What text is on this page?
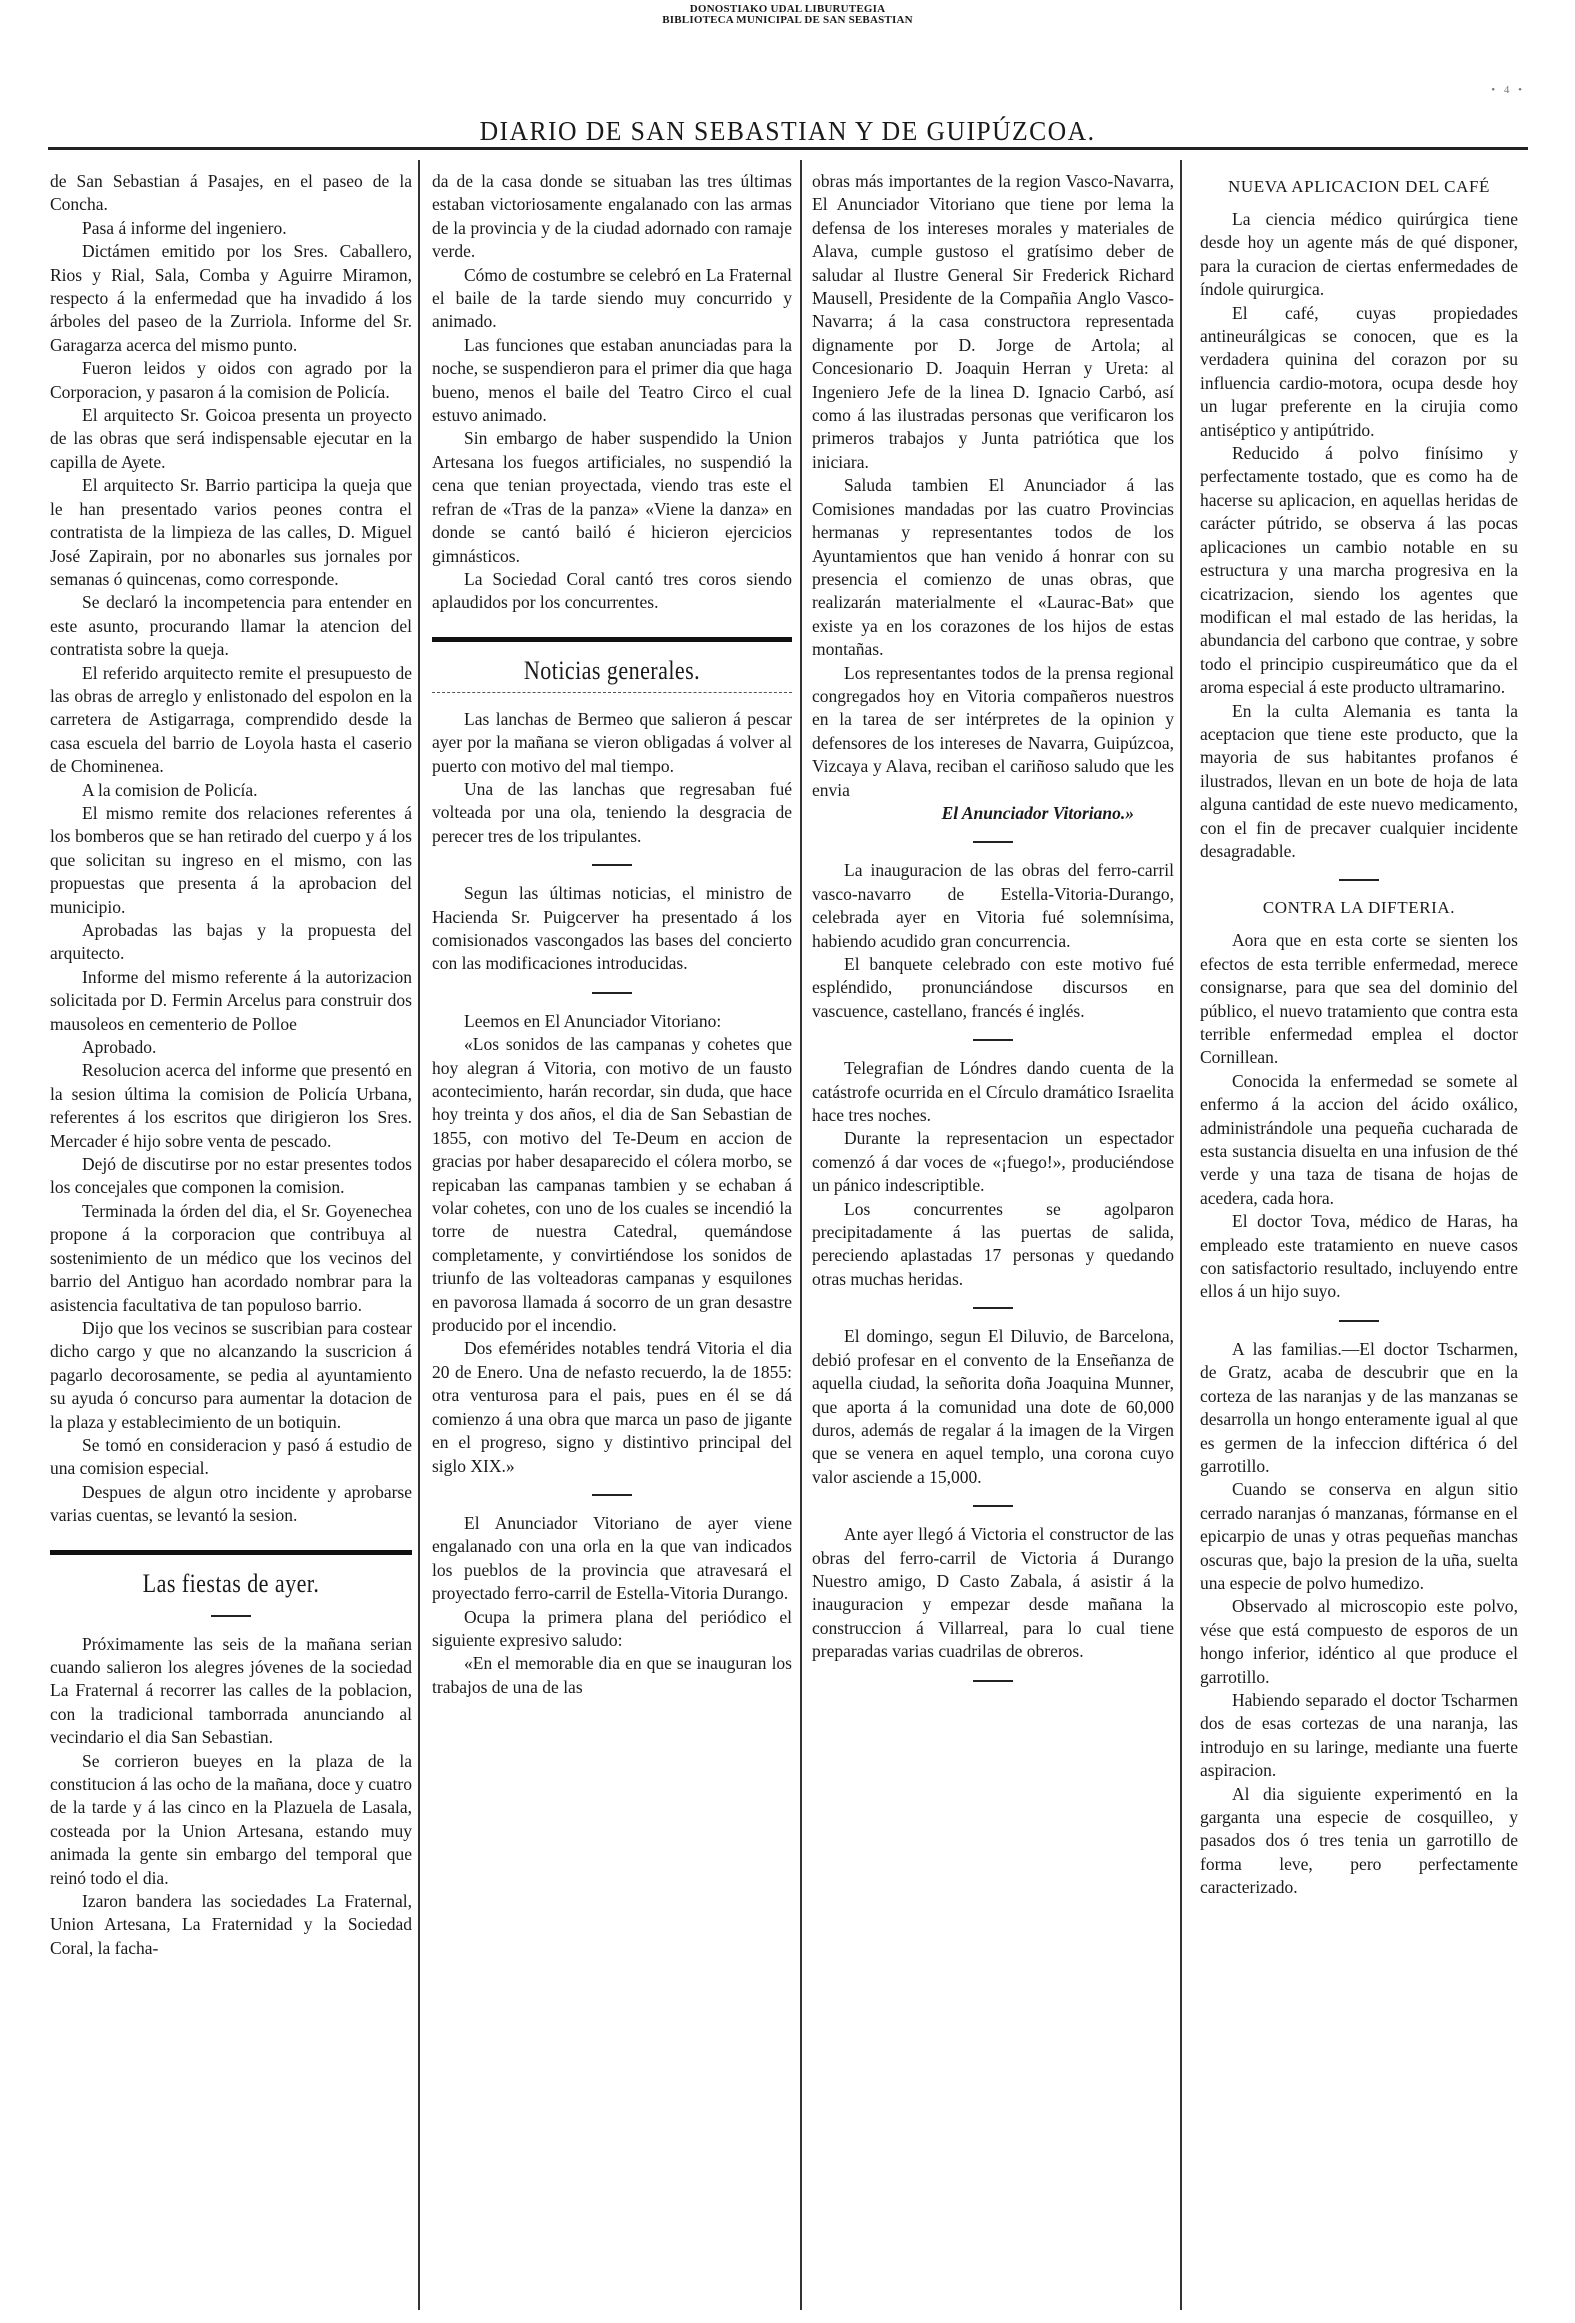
DONOSTIAKO UDAL LIBURUTEGIA
BIBLIOTECA MUNICIPAL DE SAN SEBASTIAN
• 4 •
DIARIO DE SAN SEBASTIAN Y DE GUIPÚZCOA.

de San Sebastian á Pasajes, en el paseo de la Concha.

Pasa á informe del ingeniero.

Dictámen emitido por los Sres. Caballero, Rios y Rial, Sala, Comba y Aguirre Miramon, respecto á la enfermedad que ha invadido á los árboles del paseo de la Zurriola. Informe del Sr. Garagarza acerca del mismo punto.

Fueron leidos y oidos con agrado por la Corporacion, y pasaron á la comision de Policía.

El arquitecto Sr. Goicoa presenta un proyecto de las obras que será indispensable ejecutar en la capilla de Ayete.

El arquitecto Sr. Barrio participa la queja que le han presentado varios peones contra el contratista de la limpieza de las calles, D. Miguel José Zapirain, por no abonarles sus jornales por semanas ó quincenas, como corresponde.

Se declaró la incompetencia para entender en este asunto, procurando llamar la atencion del contratista sobre la queja.

El referido arquitecto remite el presupuesto de las obras de arreglo y enlistonado del espolon en la carretera de Astigarraga, comprendido desde la casa escuela del barrio de Loyola hasta el caserio de Chominenea.

A la comision de Policía.

El mismo remite dos relaciones referentes á los bomberos que se han retirado del cuerpo y á los que solicitan su ingreso en el mismo, con las propuestas que presenta á la aprobacion del municipio.

Aprobadas las bajas y la propuesta del arquitecto.

Informe del mismo referente á la autorizacion solicitada por D. Fermin Arcelus para construir dos mausoleos en cementerio de Polloe

Aprobado.

Resolucion acerca del informe que presentó en la sesion última la comision de Policía Urbana, referentes á los escritos que dirigieron los Sres. Mercader é hijo sobre venta de pescado.

Dejó de discutirse por no estar presentes todos los concejales que componen la comision.

Terminada la órden del dia, el Sr. Goyenechea propone á la corporacion que contribuya al sostenimiento de un médico que los vecinos del barrio del Antiguo han acordado nombrar para la asistencia facultativa de tan populoso barrio.

Dijo que los vecinos se suscribian para costear dicho cargo y que no alcanzando la suscricion á pagarlo decorosamente, se pedia al ayuntamiento su ayuda ó concurso para aumentar la dotacion de la plaza y establecimiento de un botiquin.

Se tomó en consideracion y pasó á estudio de una comision especial.

Despues de algun otro incidente y aprobarse varias cuentas, se levantó la sesion.

Las fiestas de ayer.

Próximamente las seis de la mañana serian cuando salieron los alegres jóvenes de la sociedad La Fraternal á recorrer las calles de la poblacion, con la tradicional tamborrada anunciando al vecindario el dia San Sebastian.

Se corrieron bueyes en la plaza de la constitucion á las ocho de la mañana, doce y cuatro de la tarde y á las cinco en la Plazuela de Lasala, costeada por la Union Artesana, estando muy animada la gente sin embargo del temporal que reinó todo el dia.

Izaron bandera las sociedades La Fraternal, Union Artesana, La Fraternidad y la Sociedad Coral, la facha-

da de la casa donde se situaban las tres últimas estaban victoriosamente engalanado con las armas de la provincia y de la ciudad adornado con ramaje verde.

Cómo de costumbre se celebró en La Fraternal el baile de la tarde siendo muy concurrido y animado.

Las funciones que estaban anunciadas para la noche, se suspendieron para el primer dia que haga bueno, menos el baile del Teatro Circo el cual estuvo animado.

Sin embargo de haber suspendido la Union Artesana los fuegos artificiales, no suspendió la cena que tenian proyectada, viendo tras este el refran de «Tras de la panza» «Viene la danza» en donde se cantó bailó é hicieron ejercicios gimnásticos.

La Sociedad Coral cantó tres coros siendo aplaudidos por los concurrentes.

Noticias generales.

Las lanchas de Bermeo que salieron á pescar ayer por la mañana se vieron obligadas á volver al puerto con motivo del mal tiempo.

Una de las lanchas que regresaban fué volteada por una ola, teniendo la desgracia de perecer tres de los tripulantes.

Segun las últimas noticias, el ministro de Hacienda Sr. Puigcerver ha presentado á los comisionados vascongados las bases del concierto con las modificaciones introducidas.

Leemos en El Anunciador Vitoriano:

«Los sonidos de las campanas y cohetes que hoy alegran á Vitoria, con motivo de un fausto acontecimiento, harán recordar, sin duda, que hace hoy treinta y dos años, el dia de San Sebastian de 1855, con motivo del Te-Deum en accion de gracias por haber desaparecido el cólera morbo, se repicaban las campanas tambien y se echaban á volar cohetes, con uno de los cuales se incendió la torre de nuestra Catedral, quemándose completamente, y convirtiéndose los sonidos de triunfo de las volteadoras campanas y esquilones en pavorosa llamada á socorro de un gran desastre producido por el incendio.

Dos efemérides notables tendrá Vitoria el dia 20 de Enero. Una de nefasto recuerdo, la de 1855: otra venturosa para el pais, pues en él se dá comienzo á una obra que marca un paso de jigante en el progreso, signo y distintivo principal del siglo XIX.»

El Anunciador Vitoriano de ayer viene engalanado con una orla en la que van indicados los pueblos de la provincia que atravesará el proyectado ferro-carril de Estella-Vitoria Durango.

Ocupa la primera plana del periódico el siguiente expresivo saludo:

«En el memorable dia en que se inauguran los trabajos de una de las

obras más importantes de la region Vasco-Navarra, El Anunciador Vitoriano que tiene por lema la defensa de los intereses morales y materiales de Alava, cumple gustoso el gratísimo deber de saludar al Ilustre General Sir Frederick Richard Mausell, Presidente de la Compañia Anglo Vasco-Navarra; á la casa constructora representada dignamente por D. Jorge de Artola; al Concesionario D. Joaquin Herran y Ureta: al Ingeniero Jefe de la linea D. Ignacio Carbó, así como á las ilustradas personas que verificaron los primeros trabajos y Junta patriótica que los iniciara.

Saluda tambien El Anunciador á las Comisiones mandadas por las cuatro Provincias hermanas y representantes todos de los Ayuntamientos que han venido á honrar con su presencia el comienzo de unas obras, que realizarán materialmente el «Laurac-Bat» que existe ya en los corazones de los hijos de estas montañas.

Los representantes todos de la prensa regional congregados hoy en Vitoria compañeros nuestros en la tarea de ser intérpretes de la opinion y defensores de los intereses de Navarra, Guipúzcoa, Vizcaya y Alava, reciban el cariñoso saludo que les envia

El Anunciador Vitoriano.»

La inauguracion de las obras del ferro-carril vasco-navarro de Estella-Vitoria-Durango, celebrada ayer en Vitoria fué solemnísima, habiendo acudido gran concurrencia.

El banquete celebrado con este motivo fué espléndido, pronunciándose discursos en vascuence, castellano, francés é inglés.

Telegrafian de Lóndres dando cuenta de la catástrofe ocurrida en el Círculo dramático Israelita hace tres noches.

Durante la representacion un espectador comenzó á dar voces de «¡fuego!», produciéndose un pánico indescriptible.

Los concurrentes se agolparon precipitadamente á las puertas de salida, pereciendo aplastadas 17 personas y quedando otras muchas heridas.

El domingo, segun El Diluvio, de Barcelona, debió profesar en el convento de la Enseñanza de aquella ciudad, la señorita doña Joaquina Munner, que aporta á la comunidad una dote de 60,000 duros, además de regalar á la imagen de la Virgen que se venera en aquel templo, una corona cuyo valor asciende a 15,000.

Ante ayer llegó á Victoria el constructor de las obras del ferro-carril de Victoria á Durango Nuestro amigo, D Casto Zabala, á asistir á la inauguracion y empezar desde mañana la construccion á Villarreal, para lo cual tiene preparadas varias cuadrilas de obreros.

NUEVA APLICACION DEL CAFÉ

La ciencia médico quirúrgica tiene desde hoy un agente más de qué disponer, para la curacion de ciertas enfermedades de índole quirurgica.

El café, cuyas propiedades antineurálgicas se conocen, que es la verdadera quinina del corazon por su influencia cardio-motora, ocupa desde hoy un lugar preferente en la cirujia como antiséptico y antipútrido.

Reducido á polvo finísimo y perfectamente tostado, que es como ha de hacerse su aplicacion, en aquellas heridas de carácter pútrido, se observa á las pocas aplicaciones un cambio notable en su estructura y una marcha progresiva en la cicatrizacion, siendo los agentes que modifican el mal estado de las heridas, la abundancia del carbono que contrae, y sobre todo el principio cuspireumático que da el aroma especial á este producto ultramarino.

En la culta Alemania es tanta la aceptacion que tiene este producto, que la mayoria de sus habitantes profanos é ilustrados, llevan en un bote de hoja de lata alguna cantidad de este nuevo medicamento, con el fin de precaver cualquier incidente desagradable.

CONTRA LA DIFTERIA.

Aora que en esta corte se sienten los efectos de esta terrible enfermedad, merece consignarse, para que sea del dominio del público, el nuevo tratamiento que contra esta terrible enfermedad emplea el doctor Cornillean.

Conocida la enfermedad se somete al enfermo á la accion del ácido oxálico, administrándole una pequeña cucharada de esta sustancia disuelta en una infusion de thé verde y una taza de tisana de hojas de acedera, cada hora.

El doctor Tova, médico de Haras, ha empleado este tratamiento en nueve casos con satisfactorio resultado, incluyendo entre ellos á un hijo suyo.

A las familias.—El doctor Tscharmen, de Gratz, acaba de descubrir que en la corteza de las naranjas y de las manzanas se desarrolla un hongo enteramente igual al que es germen de la infeccion diftérica ó del garrotillo.

Cuando se conserva en algun sitio cerrado naranjas ó manzanas, fórmanse en el epicarpio de unas y otras pequeñas manchas oscuras que, bajo la presion de la uña, suelta una especie de polvo humedizo.

Observado al microscopio este polvo, vése que está compuesto de esporos de un hongo inferior, idéntico al que produce el garrotillo.

Habiendo separado el doctor Tscharmen dos de esas cortezas de una naranja, las introdujo en su laringe, mediante una fuerte aspiracion.

Al dia siguiente experimentó en la garganta una especie de cosquilleo, y pasados dos ó tres tenia un garrotillo de forma leve, pero perfectamente caracterizado.
